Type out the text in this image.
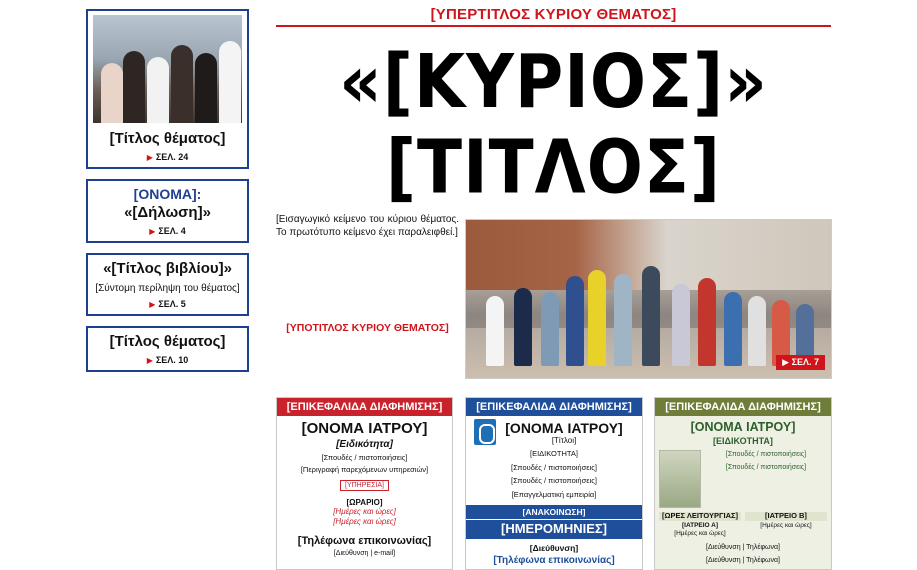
[Τίτλος θέματος]
▶ ΣΕΛ. 24
[ΟΝΟΜΑ]:
«[Δήλωση]»
▶ ΣΕΛ. 4
«[Τίτλος βιβλίου]»
[Σύντομη περίληψη του θέματος]
▶ ΣΕΛ. 5
[Τίτλος θέματος]
▶ ΣΕΛ. 10
[ΥΠΕΡΤΙΤΛΟΣ ΚΥΡΙΟΥ ΘΕΜΑΤΟΣ]
«[ΚΥΡΙΟΣ]»
[ΤΙΤΛΟΣ]
[Εισαγωγικό κείμενο του κύριου θέματος. Το πρωτότυπο κείμενο έχει παραλειφθεί.]
[ΥΠΟΤΙΤΛΟΣ ΚΥΡΙΟΥ ΘΕΜΑΤΟΣ]
▶ ΣΕΛ. 7
[ΕΠΙΚΕΦΑΛΙΔΑ ΔΙΑΦΗΜΙΣΗΣ]
[ΟΝΟΜΑ ΙΑΤΡΟΥ]
[Ειδικότητα]
[Σπουδές / πιστοποιήσεις]
[Περιγραφή παρεχόμενων υπηρεσιών]
[ΥΠΗΡΕΣΙΑ]
[ΩΡΑΡΙΟ]
[Ημέρες και ώρες]
[Ημέρες και ώρες]
[Τηλέφωνα επικοινωνίας]
[Διεύθυνση | e-mail]
[ΕΠΙΚΕΦΑΛΙΔΑ ΔΙΑΦΗΜΙΣΗΣ]
[ΟΝΟΜΑ ΙΑΤΡΟΥ]
[Τίτλοι]
[ΕΙΔΙΚΟΤΗΤΑ]
[Σπουδές / πιστοποιήσεις]
[Σπουδές / πιστοποιήσεις]
[Επαγγελματική εμπειρία]
[ΑΝΑΚΟΙΝΩΣΗ]
[ΗΜΕΡΟΜΗΝΙΕΣ]
[Διεύθυνση]
[Τηλέφωνα επικοινωνίας]
[ΕΠΙΚΕΦΑΛΙΔΑ ΔΙΑΦΗΜΙΣΗΣ]
[ΟΝΟΜΑ ΙΑΤΡΟΥ]
[ΕΙΔΙΚΟΤΗΤΑ]
[Σπουδές / πιστοποιήσεις]
[Σπουδές / πιστοποιήσεις]
[ΩΡΕΣ ΛΕΙΤΟΥΡΓΙΑΣ]
[ΙΑΤΡΕΙΟ Α]
[Ημέρες και ώρες]
[ΙΑΤΡΕΙΟ Β]
[Ημέρες και ώρες]
[Διεύθυνση | Τηλέφωνα]
[Διεύθυνση | Τηλέφωνα]
